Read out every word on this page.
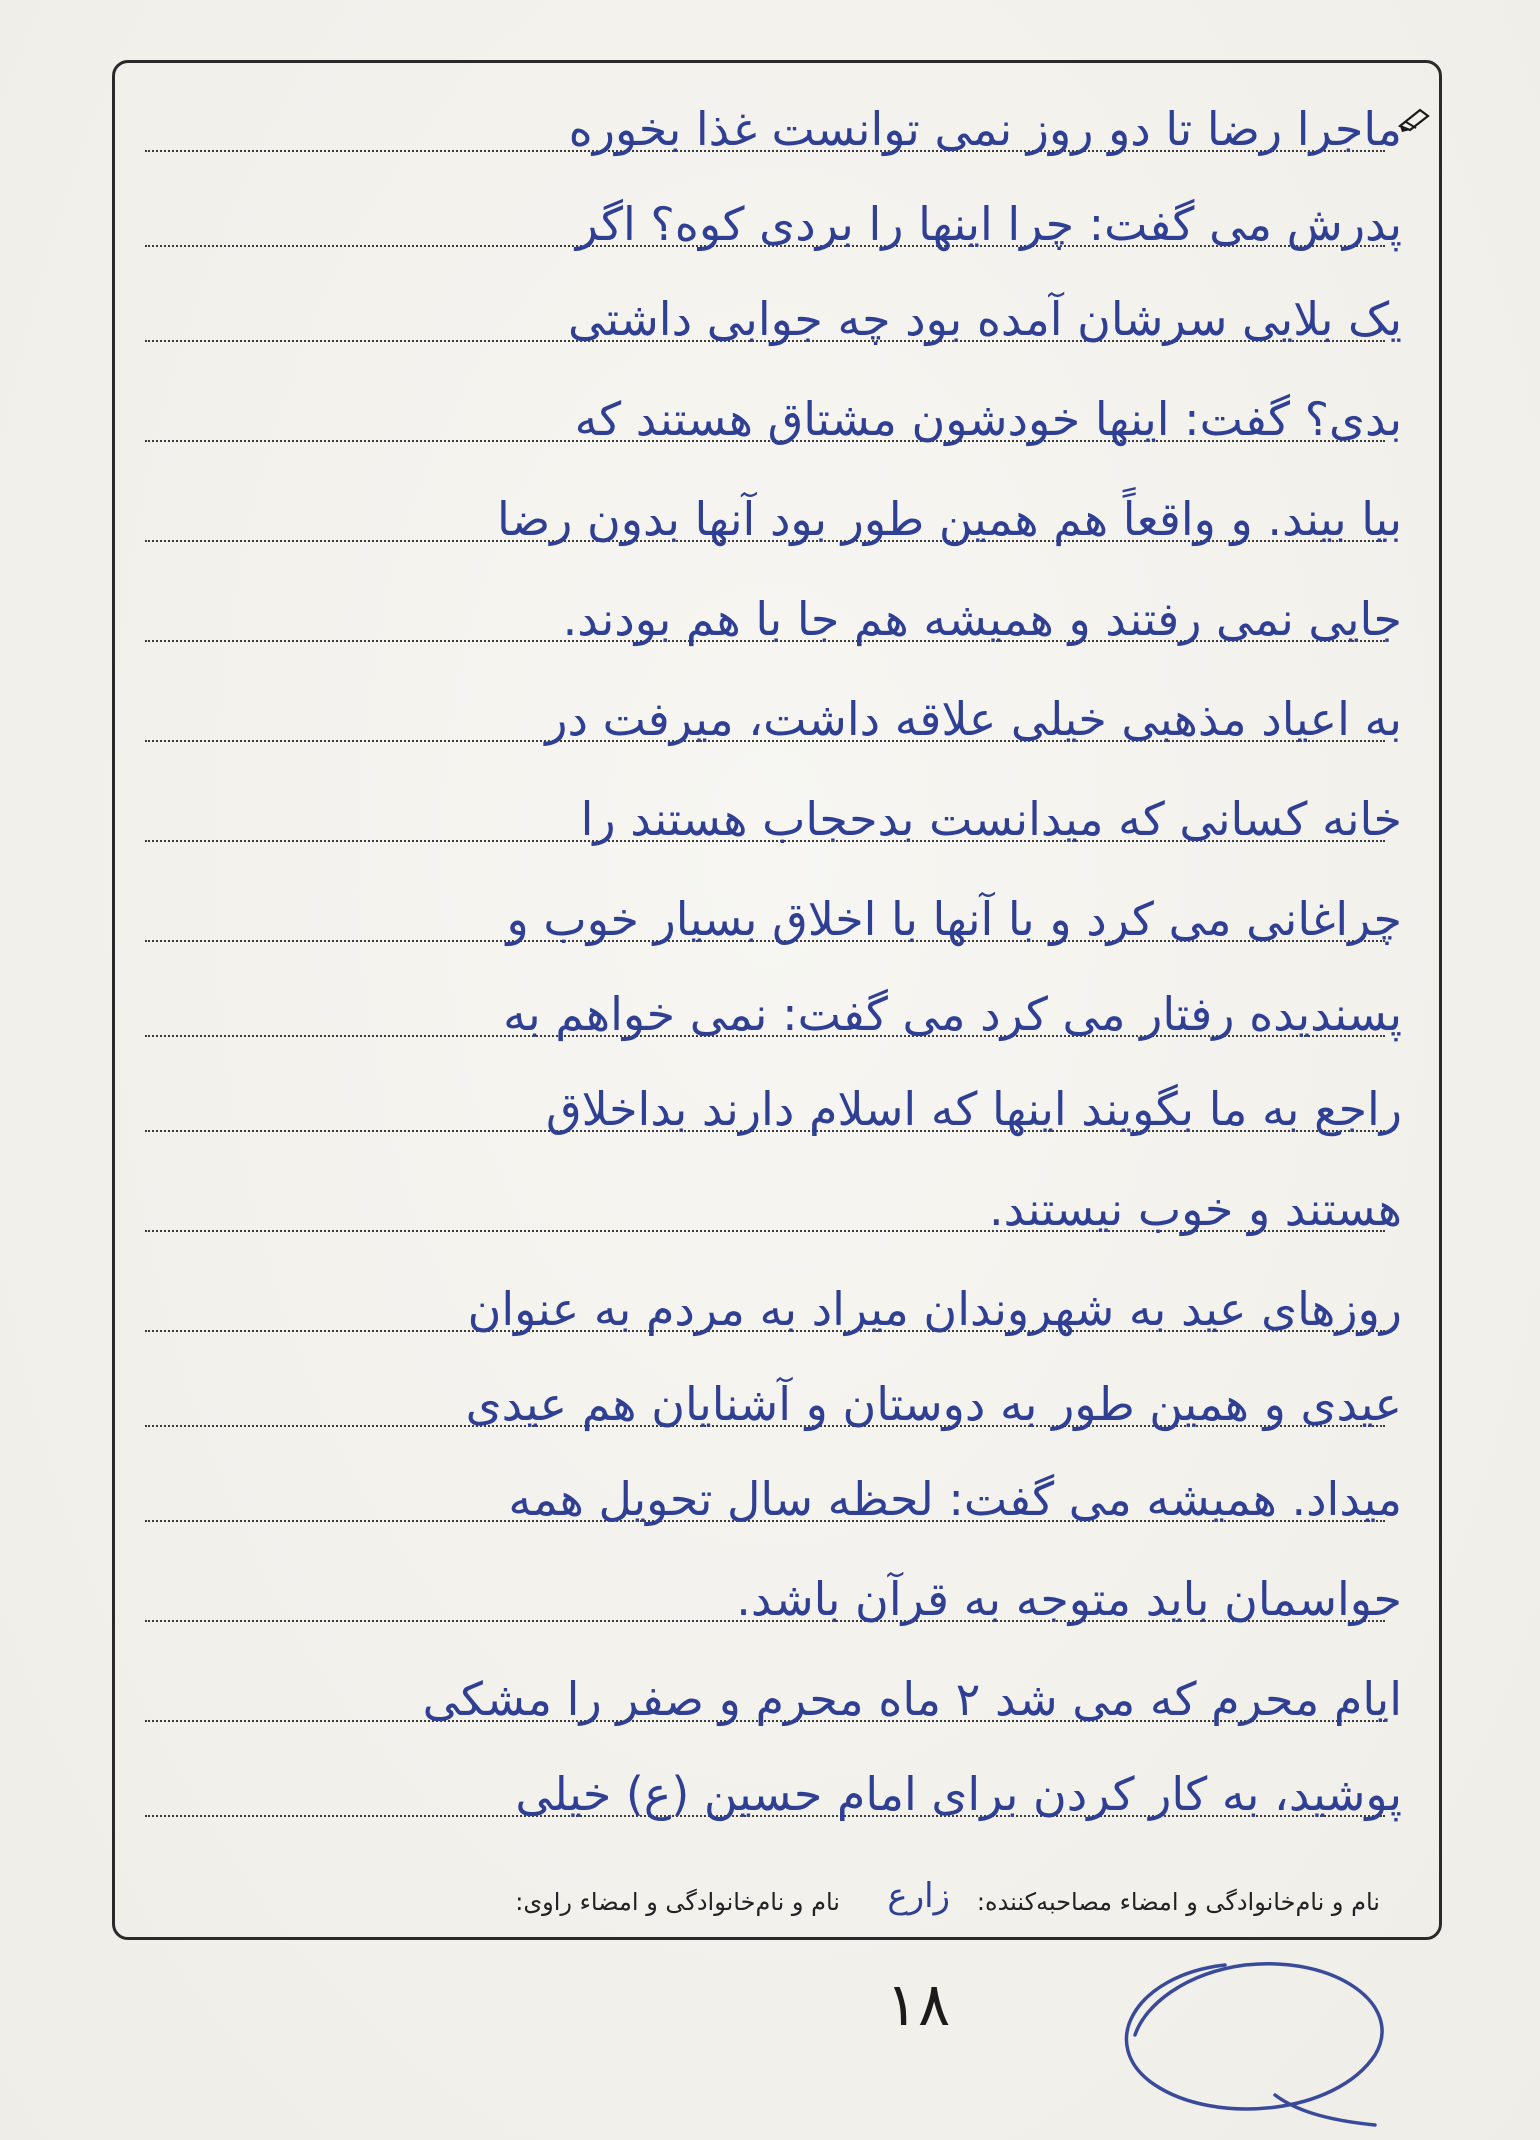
ماجرا رضا تا دو روز نمی توانست غذا بخوره
پدرش می گفت: چرا اینها را بردی کوه؟ اگر
یک بلایی سرشان آمده بود چه جوابی داشتی
بدی؟ گفت: اینها خودشون مشتاق هستند که
بیا بیند. و واقعاً هم همین طور بود آنها بدون رضا
جایی نمی رفتند و همیشه هم جا با هم بودند.
به اعیاد مذهبی خیلی علاقه داشت، میرفت در
خانه کسانی که میدانست بدحجاب هستند را
چراغانی می کرد و با آنها با اخلاق بسیار خوب و
پسندیده رفتار می کرد می گفت: نمی خواهم به
راجع به ما بگویند اینها که اسلام دارند بداخلاق
هستند و خوب نیستند.
روزهای عید به شهروندان میراد به مردم به عنوان
عیدی و همین طور به دوستان و آشنایان هم عیدی
میداد. همیشه می گفت: لحظه سال تحویل همه
حواسمان باید متوجه به قرآن باشد.
ایام محرم که می شد ۲ ماه محرم و صفر را مشکی
پوشید، به کار کردن برای امام حسین (ع) خیلی
نام و نام‌خانوادگی و امضاء مصاحبه‌کننده:
زارع
نام و نام‌خانوادگی و امضاء راوی:
۱۸
